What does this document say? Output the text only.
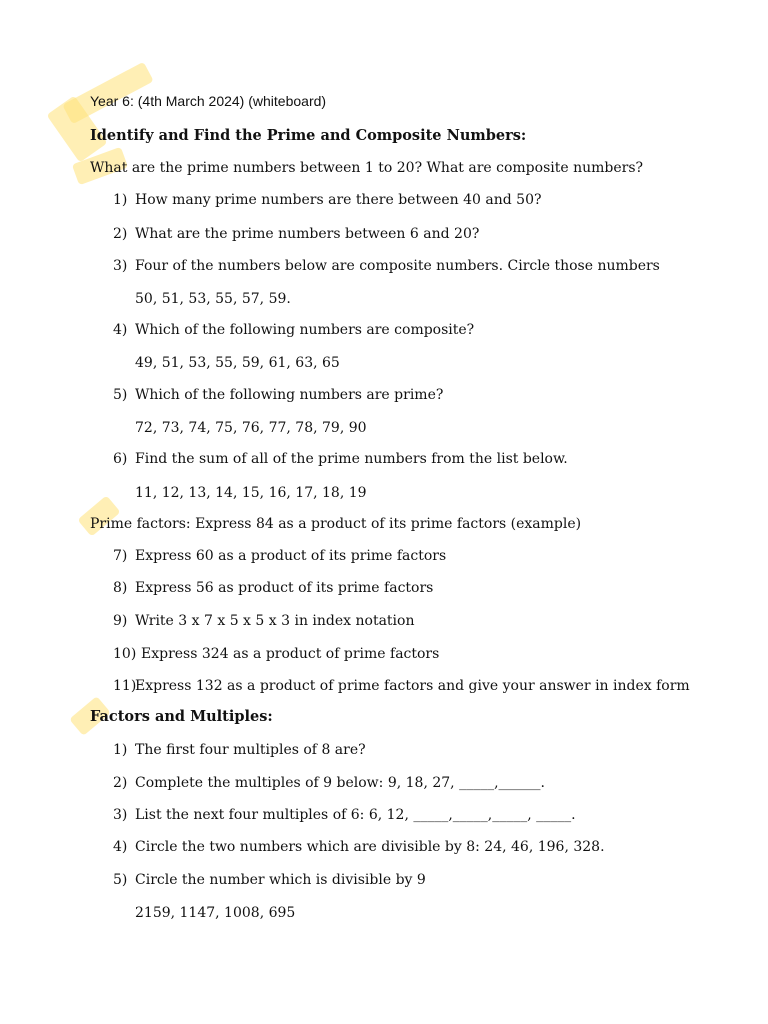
Year 6: (4th March 2024) (whiteboard)
Identify and Find the Prime and Composite Numbers:
What are the prime numbers between 1 to 20? What are composite numbers?
1) How many prime numbers are there between 40 and 50?
2) What are the prime numbers between 6 and 20?
3) Four of the numbers below are composite numbers. Circle those numbers
50, 51, 53, 55, 57, 59.
4) Which of the following numbers are composite?
49, 51, 53, 55, 59, 61, 63, 65
5) Which of the following numbers are prime?
72, 73, 74, 75, 76, 77, 78, 79, 90
6) Find the sum of all of the prime numbers from the list below.
11, 12, 13, 14, 15, 16, 17, 18, 19
Prime factors: Express 84 as a product of its prime factors (example)
7) Express 60 as a product of its prime factors
8) Express 56 as product of its prime factors
9) Write 3 x 7 x 5 x 5 x 3 in index notation
10) Express 324 as a product of prime factors
11)
Express 132 as a product of prime factors and give your answer in index form
Factors and Multiples:
1) The first four multiples of 8 are?
2) Complete the multiples of 9 below: 9, 18, 27, _____,______.
3) List the next four multiples of 6: 6, 12, _____,_____,_____, _____.
4) Circle the two numbers which are divisible by 8: 24, 46, 196, 328.
5) Circle the number which is divisible by 9
2159, 1147, 1008, 695
